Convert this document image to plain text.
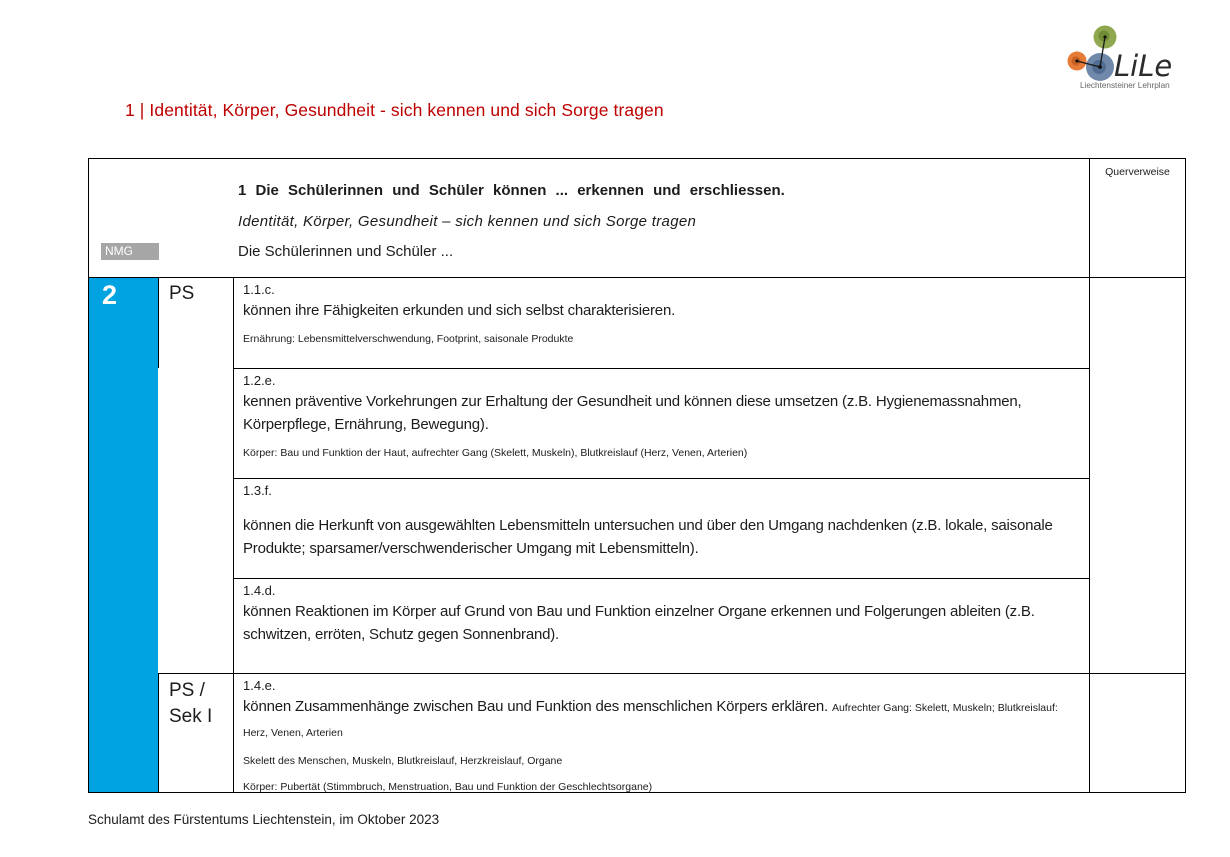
LiLe
Liechtensteiner Lehrplan
1 | Identität, Körper, Gesundheit - sich kennen und sich Sorge tragen
NMG
1 Die Schülerinnen und Schüler können ... erkennen und erschliessen.
Identität, Körper, Gesundheit – sich kennen und sich Sorge tragen
Die Schülerinnen und Schüler ...
Querverweise
2	PS
PS /
Sek I
1.1.c.
können ihre Fähigkeiten erkunden und sich selbst charakterisieren.
Ernährung: Lebensmittelverschwendung, Footprint, saisonale Produkte
1.2.e.
kennen präventive Vorkehrungen zur Erhaltung der Gesundheit und können diese umsetzen (z.B. Hygienemassnahmen, Körperpflege, Ernährung, Bewegung).
Körper: Bau und Funktion der Haut, aufrechter Gang (Skelett, Muskeln), Blutkreislauf (Herz, Venen, Arterien)
1.3.f.
können die Herkunft von ausgewählten Lebensmitteln untersuchen und über den Umgang nachdenken (z.B. lokale, saisonale Produkte; sparsamer/verschwenderischer Umgang mit Lebensmitteln).
1.4.d.
können Reaktionen im Körper auf Grund von Bau und Funktion einzelner Organe erkennen und Folgerungen ableiten (z.B. schwitzen, erröten, Schutz gegen Sonnenbrand).
1.4.e.
können Zusammenhänge zwischen Bau und Funktion des menschlichen Körpers erklären. Aufrechter Gang: Skelett, Muskeln; Blutkreislauf: Herz, Venen, Arterien
Skelett des Menschen, Muskeln, Blutkreislauf, Herzkreislauf, Organe
Körper: Pubertät (Stimmbruch, Menstruation, Bau und Funktion der Geschlechtsorgane)
Schulamt des Fürstentums Liechtenstein, im Oktober 2023
